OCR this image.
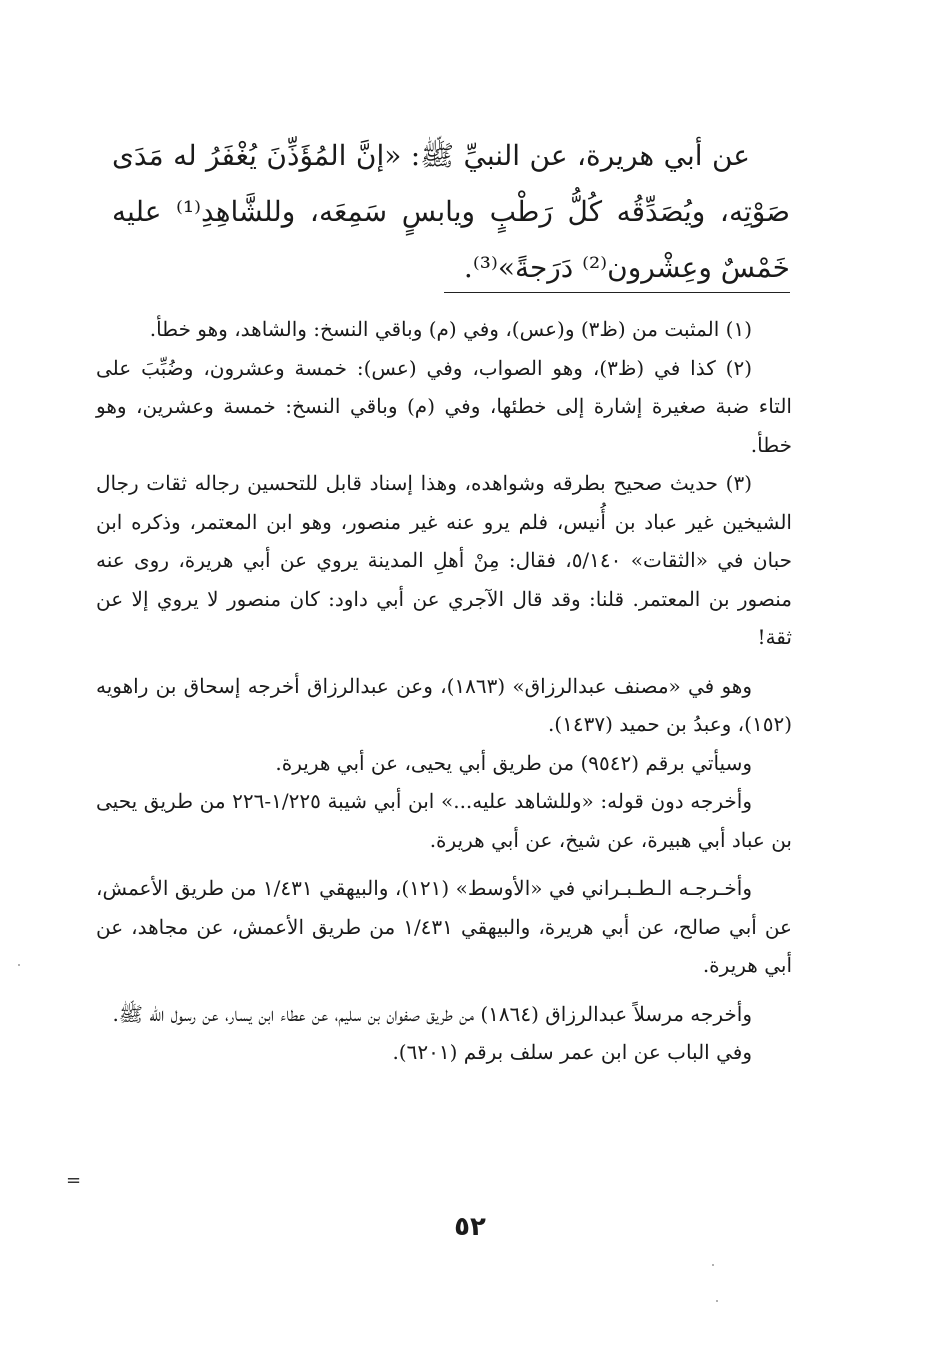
عن أبي هريرة، عن النبيِّ ﷺ: «إنَّ المُؤَذِّنَ يُغْفَرُ له مَدَى صَوْتِه، ويُصَدِّقُه كُلُّ رَطْبٍ ويابسٍ سَمِعَه، وللشَّاهِدِ⁽¹⁾ عليه خَمْسٌ وعِشْرون⁽²⁾ دَرَجةً»⁽³⁾.

(١) المثبت من (ظ٣) و(عس)، وفي (م) وباقي النسخ: والشاهد، وهو خطأ.

(٢) كذا في (ظ٣)، وهو الصواب، وفي (عس): خمسة وعشرون، وضُبِّبَ على التاء ضبة صغيرة إشارة إلى خطئها، وفي (م) وباقي النسخ: خمسة وعشرين، وهو خطأ.

(٣) حديث صحيح بطرقه وشواهده، وهذا إسناد قابل للتحسين رجاله ثقات رجال الشيخين غير عباد بن أُنيس، فلم يرو عنه غير منصور، وهو ابن المعتمر، وذكره ابن حبان في «الثقات» ٥/١٤٠، فقال: مِنْ أهلِ المدينة يروي عن أبي هريرة، روى عنه منصور بن المعتمر. قلنا: وقد قال الآجري عن أبي داود: كان منصور لا يروي إلا عن ثقة!

وهو في «مصنف عبدالرزاق» (١٨٦٣)، وعن عبدالرزاق أخرجه إسحاق بن راهويه (١٥٢)، وعبدُ بن حميد (١٤٣٧).

وسيأتي برقم (٩٥٤٢) من طريق أبي يحيى، عن أبي هريرة.

وأخرجه دون قوله: «وللشاهد عليه...» ابن أبي شيبة ١/٢٢٥-٢٢٦ من طريق يحيى بن عباد أبي هبيرة، عن شيخ، عن أبي هريرة.

وأخـرجـه الـطـبـراني في «الأوسط» (١٢١)، والبيهقي ١/٤٣١ من طريق الأعمش، عن أبي صالح، عن أبي هريرة، والبيهقي ١/٤٣١ من طريق الأعمش، عن مجاهد، عن أبي هريرة.

وأخرجه مرسلاً عبدالرزاق (١٨٦٤) من طريق صفوان بن سليم، عن عطاء ابن يسار، عن رسول الله ﷺ.

وفي الباب عن ابن عمر سلف برقم (٦٢٠١).

=
٥٢
